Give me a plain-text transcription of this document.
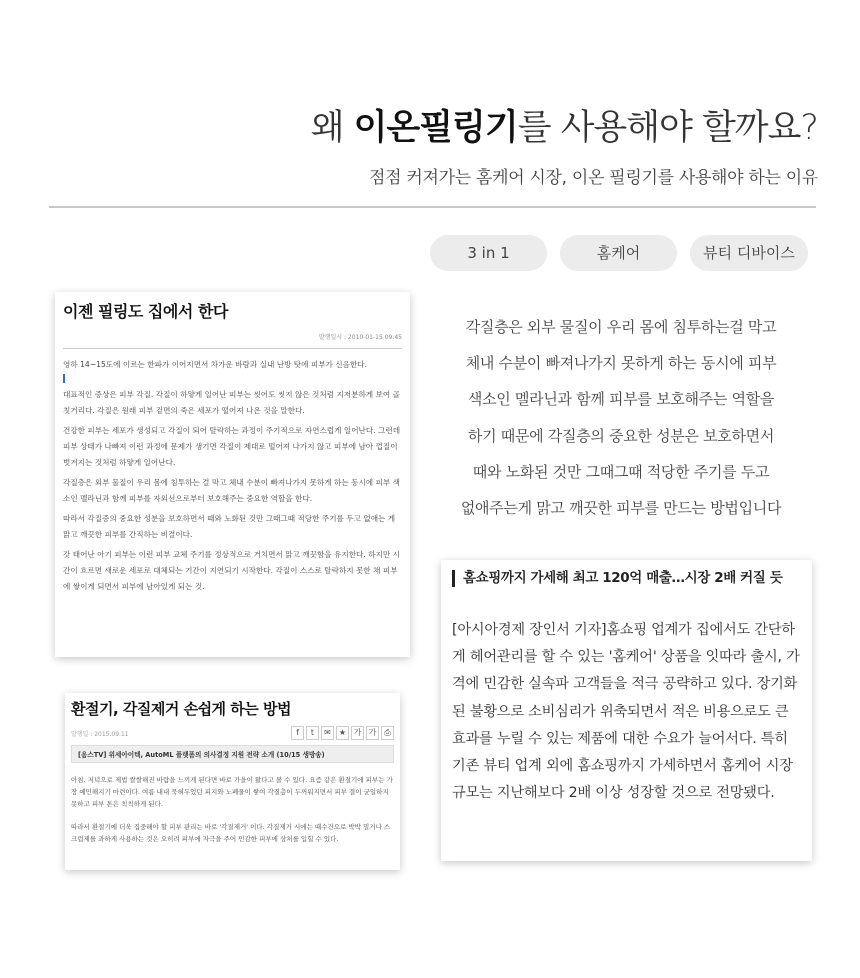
왜 이온필링기를 사용해야 할까요?
점점 커져가는 홈케어 시장, 이온 필링기를 사용해야 하는 이유
3 in 1	홈케어	뷰티 디바이스
이젠 필링도 집에서 한다
발행일시 : 2010-01-15 09:45

영하 14~15도에 이르는 한파가 이어지면서 차가운 바람과 실내 난방 탓에 피부가 신음한다.

대표적인 증상은 피부 각질. 각질이 하얗게 일어난 피부는 씻어도 씻지 않은 것처럼 지저분하게 보여 골칫거리다. 각질은 원래 피부 겉면의 죽은 세포가 떨어져 나온 것을 말한다.

건강한 피부는 세포가 생성되고 각질이 되어 탈락하는 과정이 주기적으로 자연스럽게 일어난다. 그런데 피부 상태가 나빠져 이런 과정에 문제가 생기면 각질이 제대로 떨어져 나가지 않고 피부에 남아 껍질이 벗겨지는 것처럼 하얗게 일어난다.

각질층은 외부 물질이 우리 몸에 침투하는 걸 막고 체내 수분이 빠져나가지 못하게 하는 동시에 피부 색소인 멜라닌과 함께 피부를 자외선으로부터 보호해주는 중요한 역할을 한다.

따라서 각질증의 중요한 성분을 보호하면서 때와 노화된 것만 그때그때 적당한 주기를 두고 없애는 게 맑고 깨끗한 피부를 간직하는 비결이다.

갓 태어난 아기 피부는 이런 피부 교체 주기를 정상적으로 거치면서 맑고 깨끗함을 유지한다. 하지만 시간이 흐르면 새로운 세포로 대체되는 기간이 지연되기 시작한다. 각질이 스스로 탈락하지 못한 채 피부에 쌓이게 되면서 피부에 남아있게 되는 것.

환절기, 각질제거 손쉽게 하는 방법
발행일 : 2015.09.11	f	t	✉	★ 가 가 ⎙
[옴스TV] 위세아이텍, AutoML 플랫폼의 의사결정 지원 전략 소개 (10/15 생방송)

아침, 저녁으로 제법 쌀쌀해진 바람을 느끼게 된다면 바로 가을이 왔다고 볼 수 있다. 요즘 같은 환절기에 피부는 가장 예민해지기 마련이다. 여름 내내 묵혀두었던 피지와 노폐물이 쌓여 각질층이 두꺼워지면서 피부 결이 균일하지 못하고 피부 톤은 칙칙하게 된다.

따라서 환절기에 더욱 집중해야 할 피부 관리는 바로 '각질제거' 이다. 각질제거 시에는 때수건으로 박박 밀거나 스크럽제를 과하게 사용하는 것은 오히려 피부에 자극을 주어 민감한 피부에 상처를 입힐 수 있다.

각질층은 외부 물질이 우리 몸에 침투하는걸 막고
체내 수분이 빠져나가지 못하게 하는 동시에 피부
색소인 멜라닌과 함께 피부를 보호해주는 역할을
하기 때문에 각질층의 중요한 성분은 보호하면서
때와 노화된 것만 그때그때 적당한 주기를 두고
없애주는게 맑고 깨끗한 피부를 만드는 방법입니다
홈쇼핑까지 가세해 최고 120억 매출…시장 2배 커질 듯

[아시아경제 장인서 기자]홈쇼핑 업계가 집에서도 간단하게 헤어관리를 할 수 있는 '홈케어' 상품을 잇따라 출시, 가격에 민감한 실속파 고객들을 적극 공략하고 있다. 장기화된 불황으로 소비심리가 위축되면서 적은 비용으로도 큰 효과를 누릴 수 있는 제품에 대한 수요가 늘어서다. 특히 기존 뷰티 업계 외에 홈쇼핑까지 가세하면서 홈케어 시장 규모는 지난해보다 2배 이상 성장할 것으로 전망됐다.
